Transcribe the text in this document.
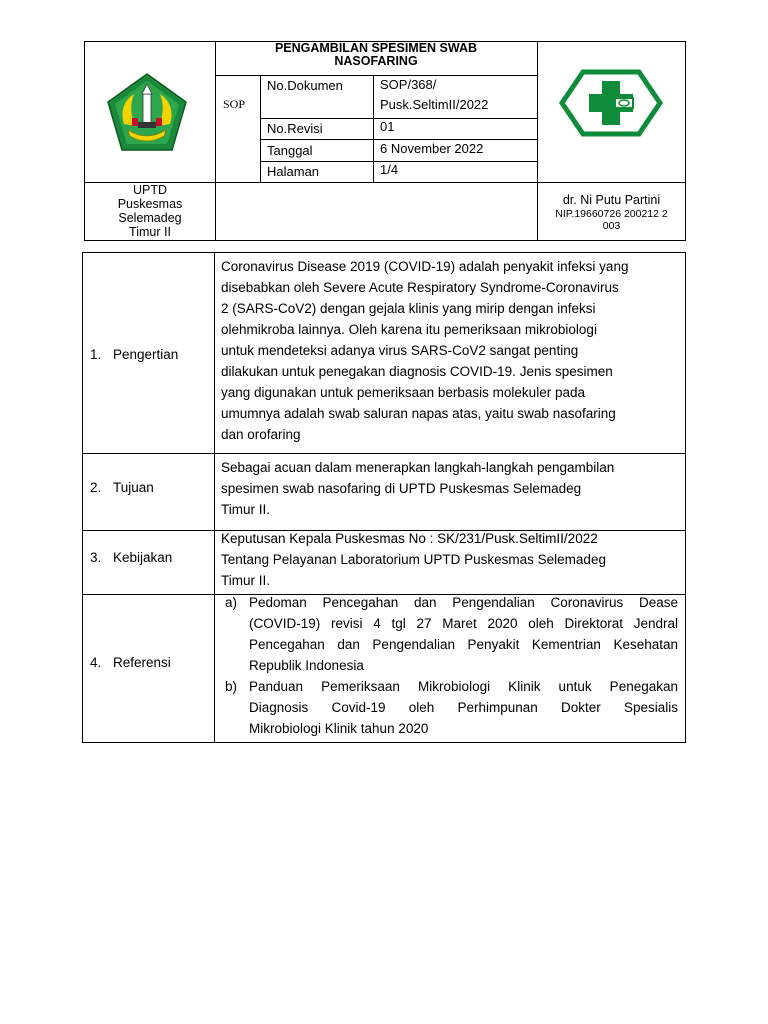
PENGAMBILAN SPESIMEN SWAB NASOFARING
SOP
No.Dokumen	SOP/368/
Pusk.SeltimII/2022
No.Revisi	01
Tanggal	6 November 2022
Halaman	1/4
UPTD
Puskesmas
Selemadeg
Timur II
dr. Ni Putu Partini
NIP.19660726 200212 2
003
1. Pengertian
Coronavirus Disease 2019 (COVID-19) adalah penyakit infeksi yang
disebabkan oleh Severe Acute Respiratory Syndrome-Coronavirus
2 (SARS-CoV2) dengan gejala klinis yang mirip dengan infeksi
olehmikroba lainnya. Oleh karena itu pemeriksaan mikrobiologi
untuk mendeteksi adanya virus SARS-CoV2 sangat penting
dilakukan untuk penegakan diagnosis COVID-19. Jenis spesimen
yang digunakan untuk pemeriksaan berbasis molekuler pada
umumnya adalah swab saluran napas atas, yaitu swab nasofaring
dan orofaring
2. Tujuan
Sebagai acuan dalam menerapkan langkah-langkah pengambilan
spesimen swab nasofaring di UPTD Puskesmas Selemadeg
Timur II.
3. Kebijakan
Keputusan Kepala Puskesmas No : SK/231/Pusk.SeltimII/2022
Tentang Pelayanan Laboratorium UPTD Puskesmas Selemadeg
Timur II.
4. Referensi
a) Pedoman Pencegahan dan Pengendalian Coronavirus Dease
(COVID-19) revisi 4 tgl 27 Maret 2020 oleh Direktorat Jendral
Pencegahan dan Pengendalian Penyakit Kementrian Kesehatan
Republik Indonesia
b) Panduan Pemeriksaan Mikrobiologi Klinik untuk Penegakan
Diagnosis Covid-19 oleh Perhimpunan Dokter Spesialis
Mikrobiologi Klinik tahun 2020
